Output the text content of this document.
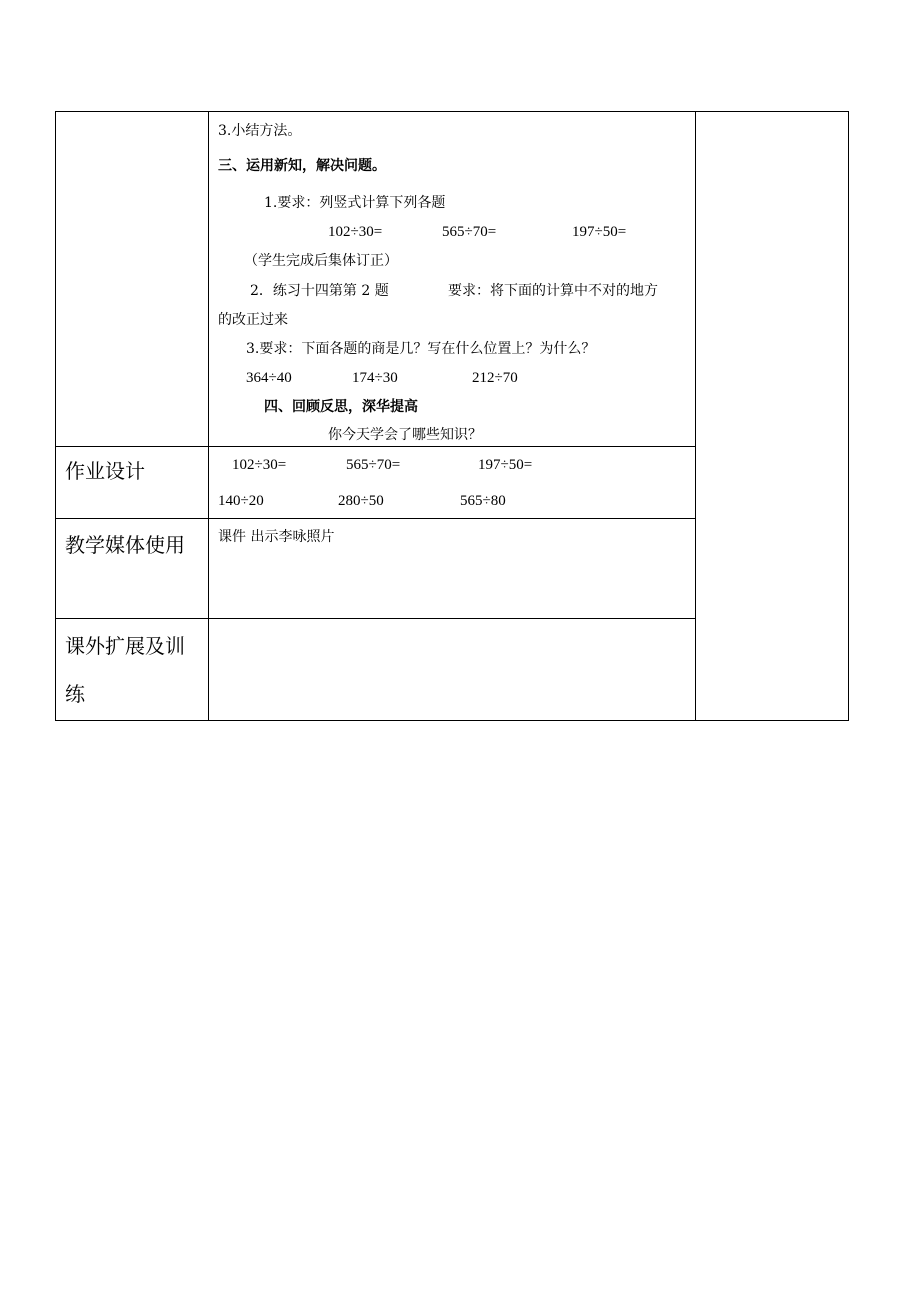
3.小结方法。
三、运用新知，解决问题。
1.要求：列竖式计算下列各题
102÷30=	565÷70=	197÷50=
（学生完成后集体订正）
2．练习十四第第 2 题	要求：将下面的计算中不对的地方
的改正过来
3.要求：下面各题的商是几？写在什么位置上？为什么？
364÷40	174÷30	212÷70
四、回顾反思，深华提高
你今天学会了哪些知识？
作业设计	102÷30=	565÷70=	197÷50=
140÷20	280÷50	565÷80
教学媒体使用 课件 出示李咏照片
课外扩展及训
练
